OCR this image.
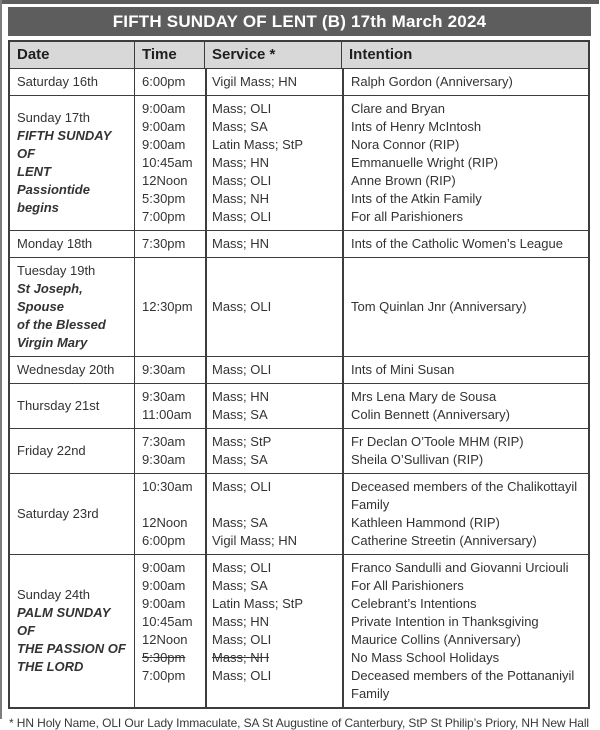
FIFTH SUNDAY OF LENT (B) 17th March 2024
Date	Time	Service *	Intention
Saturday 16th	6:00pm	Vigil Mass; HN	Ralph Gordon (Anniversary)
Sunday 17th
FIFTH SUNDAY OF
LENT
Passiontide begins
9:00am	Mass; OLI	Clare and Bryan
9:00am	Mass; SA	Ints of Henry McIntosh
9:00am	Latin Mass; StP	Nora Connor (RIP)
10:45am	Mass; HN	Emmanuelle Wright (RIP)
12Noon	Mass; OLI	Anne Brown (RIP)
5:30pm	Mass; NH	Ints of the Atkin Family
7:00pm	Mass; OLI	For all Parishioners
Monday 18th	7:30pm	Mass; HN	Ints of the Catholic Women’s League
Tuesday 19th
St Joseph, Spouse
of the Blessed
Virgin Mary
12:30pm	Mass; OLI	Tom Quinlan Jnr (Anniversary)
Wednesday 20th	9:30am	Mass; OLI	Ints of Mini Susan
Thursday 21st
9:30am	Mass; HN	Mrs Lena Mary de Sousa
11:00am	Mass; SA	Colin Bennett (Anniversary)
Friday 22nd
7:30am	Mass; StP	Fr Declan O’Toole MHM (RIP)
9:30am	Mass; SA	Sheila O’Sullivan (RIP)
Saturday 23rd
10:30am	Mass; OLI	Deceased members of the Chalikottayil Family
12Noon	Mass; SA	Kathleen Hammond (RIP)
6:00pm	Vigil Mass; HN	Catherine Streetin (Anniversary)
Sunday 24th
PALM SUNDAY OF
THE PASSION OF
THE LORD
9:00am	Mass; OLI	Franco Sandulli and Giovanni Urciouli
9:00am	Mass; SA	For All Parishioners
9:00am	Latin Mass; StP	Celebrant’s Intentions
10:45am	Mass; HN	Private Intention in Thanksgiving
12Noon	Mass; OLI	Maurice Collins (Anniversary)
5:30pm	Mass; NH	No Mass School Holidays
7:00pm	Mass; OLI	Deceased members of the Pottananiyil Family
* HN Holy Name, OLI Our Lady Immaculate, SA St Augustine of Canterbury, StP St Philip’s Priory, NH New Hall
